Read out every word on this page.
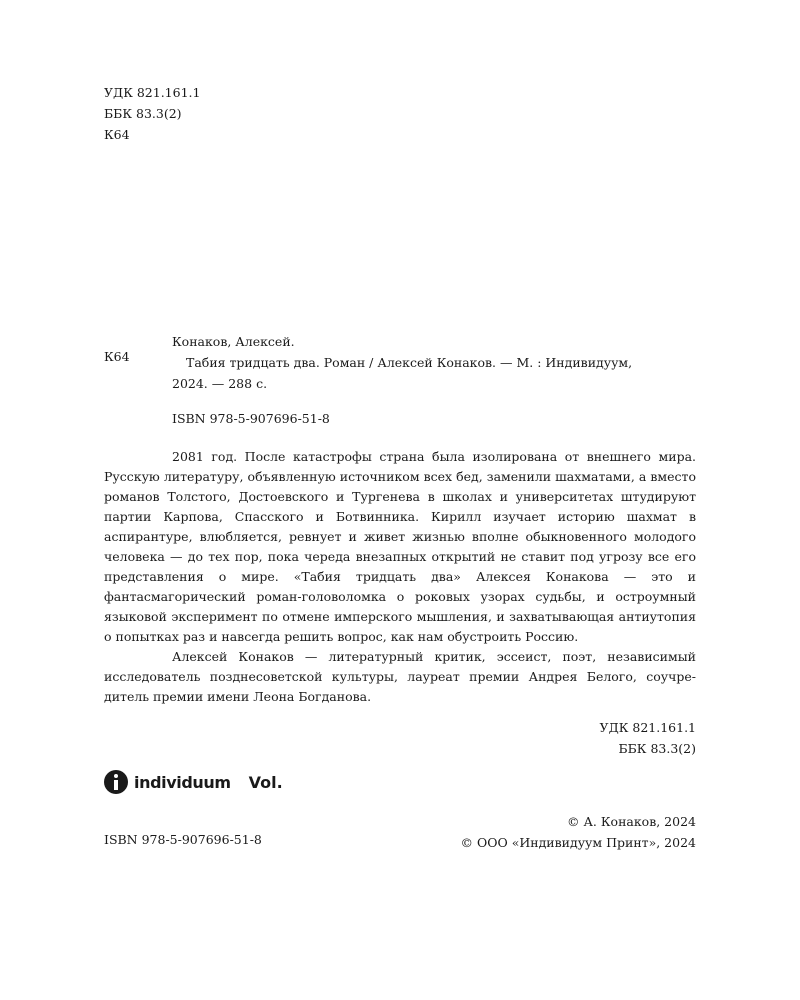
УДК 821.161.1
ББК 83.3(2)
К64
К64
Конаков, Алексей.
Табия тридцать два. Роман / Алексей Конаков. — М. : Индивидуум,
2024. — 288 с.
ISBN 978-5-907696-51-8

2081 год. После катастрофы страна была изолирована от внешнего мира. Русскую литературу, объявленную источником всех бед, заменили шахматами, а вместо романов Толстого, Достоевского и Тургенева в школах и университетах штудируют партии Карпова, Спасского и Ботвинника. Кирилл изучает историю шахмат в аспирантуре, влюбляется, ревнует и живет жизнью вполне обыкновенного молодого человека — до тех пор, пока череда внезапных открытий не ставит под угрозу все его представления о мире. «Табия тридцать два» Алексея Конакова — это и фантасмагорический роман-головоломка о роковых узорах судьбы, и остроумный языковой эксперимент по отмене имперского мышления, и захватывающая антиутопия о попытках раз и навсегда решить вопрос, как нам обустроить Россию.

Алексей Конаков — литературный критик, эссеист, поэт, независимый исследователь позднесоветской культуры, лауреат премии Андрея Белого, соучредитель премии имени Леона Богданова.

УДК 821.161.1
ББК 83.3(2)
individuum Vol.
© А. Конаков, 2024
© ООО «Индивидуум Принт», 2024
ISBN 978-5-907696-51-8
